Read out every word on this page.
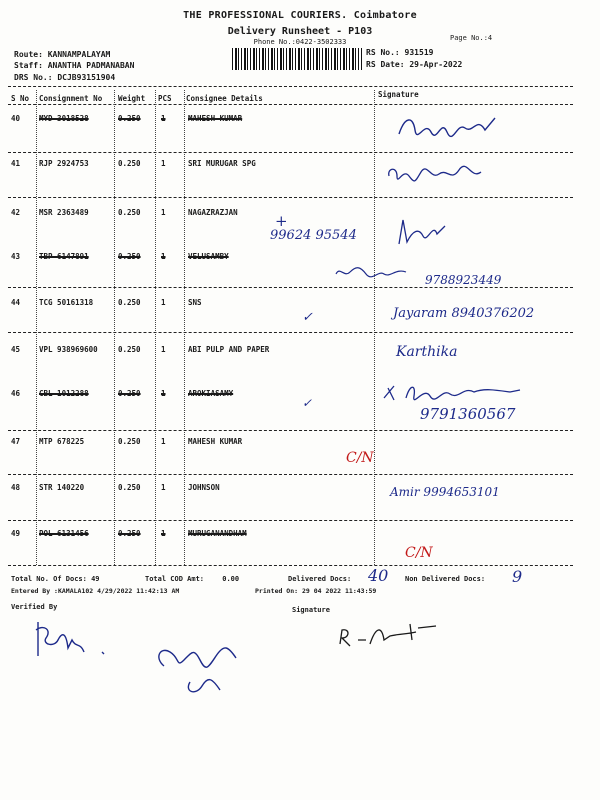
THE PROFESSIONAL COURIERS. Coimbatore
Delivery Runsheet - P103
Phone No.:0422-3502333	Page No.:4
Route: KANNAMPALAYAM
Staff: ANANTHA PADMANABAN
DRS No.: DCJB93151904
RS No.: 931519
RS Date: 29-Apr-2022
S No Consignment No Weight PCS Consignee Details	Signature
40	MYD 3018528	0.250	1	MAHESH KUMAR
41	RJP 2924753	0.250	1	SRI MURUGAR SPG
42	MSR 2363489	0.250	1	NAGAZRAZJAN
43	TBP 6147891	0.250	1	VELUSAMBY
44	TCG 50161318	0.250	1	SNS
45	VPL 938969600	0.250	1	ABI PULP AND PAPER
46	CBL 1012288	0.250	1	AROKIASAMY
47	MTP 678225	0.250	1	MAHESH KUMAR
48	STR 140220	0.250	1	JOHNSON
49	POL 6131456	0.250	1	MURUGANANDHAM
+
99624 95544
9788923449
✓	Jayaram 8940376202
Karthika
✓
9791360567
C/N
Amir 9994653101
C/N
Total No. Of Docs: 49	Total COD Amt:	0.00	Delivered Docs: 40 Non Delivered Docs: 9
Entered By :KAMALA102 4/29/2022 11:42:13 AM	Printed On: 29 04 2022 11:43:59
Verified By	Signature
